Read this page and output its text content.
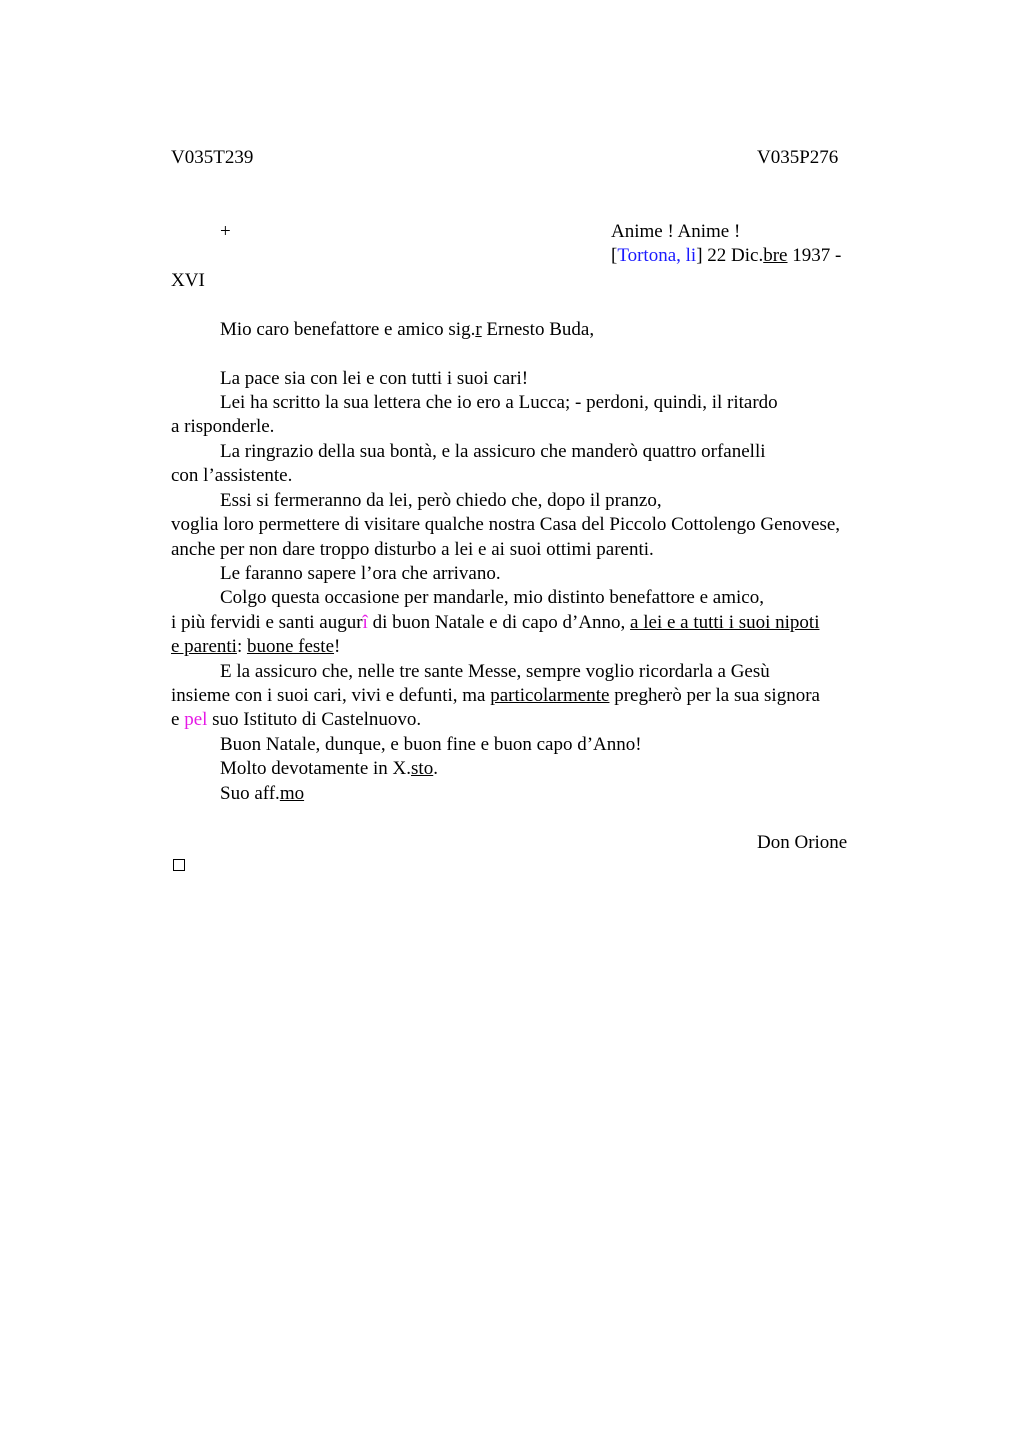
V035T239	V035P276
+	Anime ! Anime !
[Tortona, li] 22 Dic.bre 1937 -
XVI
Mio caro benefattore e amico sig.r Ernesto Buda,
La pace sia con lei e con tutti i suoi cari!
Lei ha scritto la sua lettera che io ero a Lucca; - perdoni, quindi, il ritardo
a risponderle.
La ringrazio della sua bontà, e la assicuro che manderò quattro orfanelli
con l’assistente.
Essi si fermeranno da lei, però chiedo che, dopo il pranzo,
voglia loro permettere di visitare qualche nostra Casa del Piccolo Cottolengo Genovese,
anche per non dare troppo disturbo a lei e ai suoi ottimi parenti.
Le faranno sapere l’ora che arrivano.
Colgo questa occasione per mandarle, mio distinto benefattore e amico,
i più fervidi e santi augurî di buon Natale e di capo d’Anno, a lei e a tutti i suoi nipoti
e parenti: buone feste!
E la assicuro che, nelle tre sante Messe, sempre voglio ricordarla a Gesù
insieme con i suoi cari, vivi e defunti, ma particolarmente pregherò per la sua signora
e pel suo Istituto di Castelnuovo.
Buon Natale, dunque, e buon fine e buon capo d’Anno!
Molto devotamente in X.sto.
Suo aff.mo
Don Orione
